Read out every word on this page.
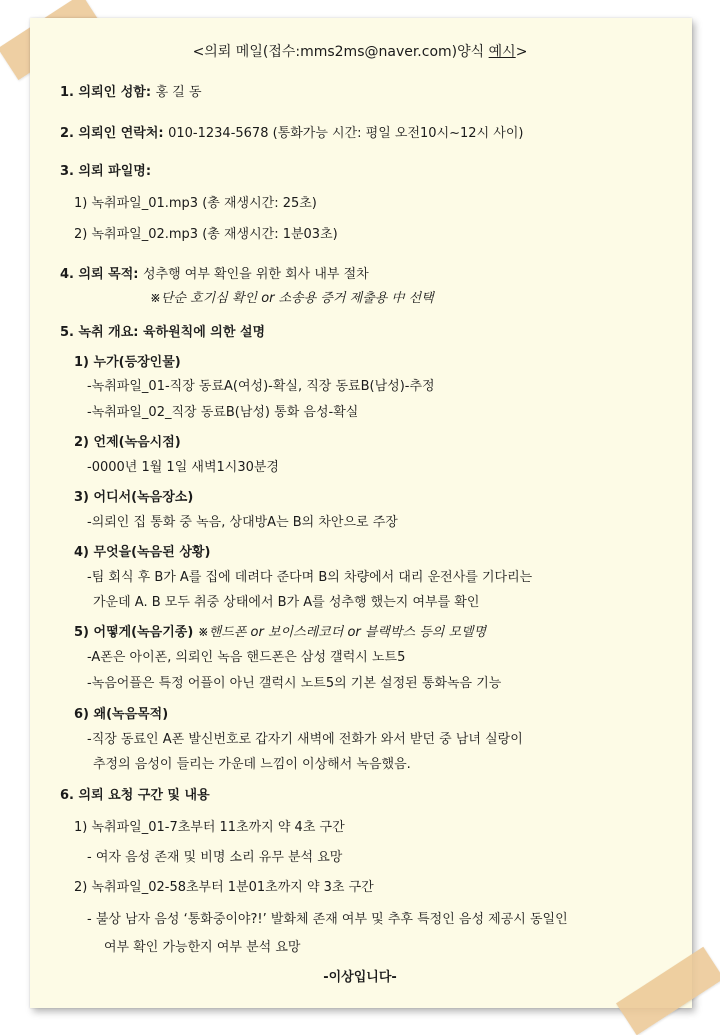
<의뢰 메일(접수:mms2ms@naver.com)양식 예시>
1. 의뢰인 성함: 홍 길 동
2. 의뢰인 연락처: 010-1234-5678 (통화가능 시간: 평일 오전10시~12시 사이)
3. 의뢰 파일명:
1) 녹취파일_01.mp3 (총 재생시간: 25초)
2) 녹취파일_02.mp3 (총 재생시간: 1분03초)
4. 의뢰 목적: 성추행 여부 확인을 위한 회사 내부 절차
※단순 호기심 확인 or 소송용 증거 제출용 中 선택
5. 녹취 개요: 육하원칙에 의한 설명
1) 누가(등장인물)
-녹취파일_01-직장 동료A(여성)-확실, 직장 동료B(남성)-추정
-녹취파일_02_직장 동료B(남성) 통화 음성-확실
2) 언제(녹음시점)
-0000년 1월 1일 새벽1시30분경
3) 어디서(녹음장소)
-의뢰인 집 통화 중 녹음, 상대방A는 B의 차안으로 주장
4) 무엇을(녹음된 상황)
-팀 회식 후 B가 A를 집에 데려다 준다며 B의 차량에서 대리 운전사를 기다리는
가운데 A. B 모두 취중 상태에서 B가 A를 성추행 했는지 여부를 확인
5) 어떻게(녹음기종) ※핸드폰 or 보이스레코더 or 블랙박스 등의 모델명
-A폰은 아이폰, 의뢰인 녹음 핸드폰은 삼성 갤럭시 노트5
-녹음어플은 특정 어플이 아닌 갤럭시 노트5의 기본 설정된 통화녹음 기능
6) 왜(녹음목적)
-직장 동료인 A폰 발신번호로 갑자기 새벽에 전화가 와서 받던 중 남녀 실랑이
추정의 음성이 들리는 가운데 느낌이 이상해서 녹음했음.
6. 의뢰 요청 구간 및 내용
1) 녹취파일_01-7초부터 11초까지 약 4초 구간
- 여자 음성 존재 및 비명 소리 유무 분석 요망
2) 녹취파일_02-58초부터 1분01초까지 약 3초 구간
- 불상 남자 음성 ‘통화중이야?!’ 발화체 존재 여부 및 추후 특정인 음성 제공시 동일인
여부 확인 가능한지 여부 분석 요망
-이상입니다-
